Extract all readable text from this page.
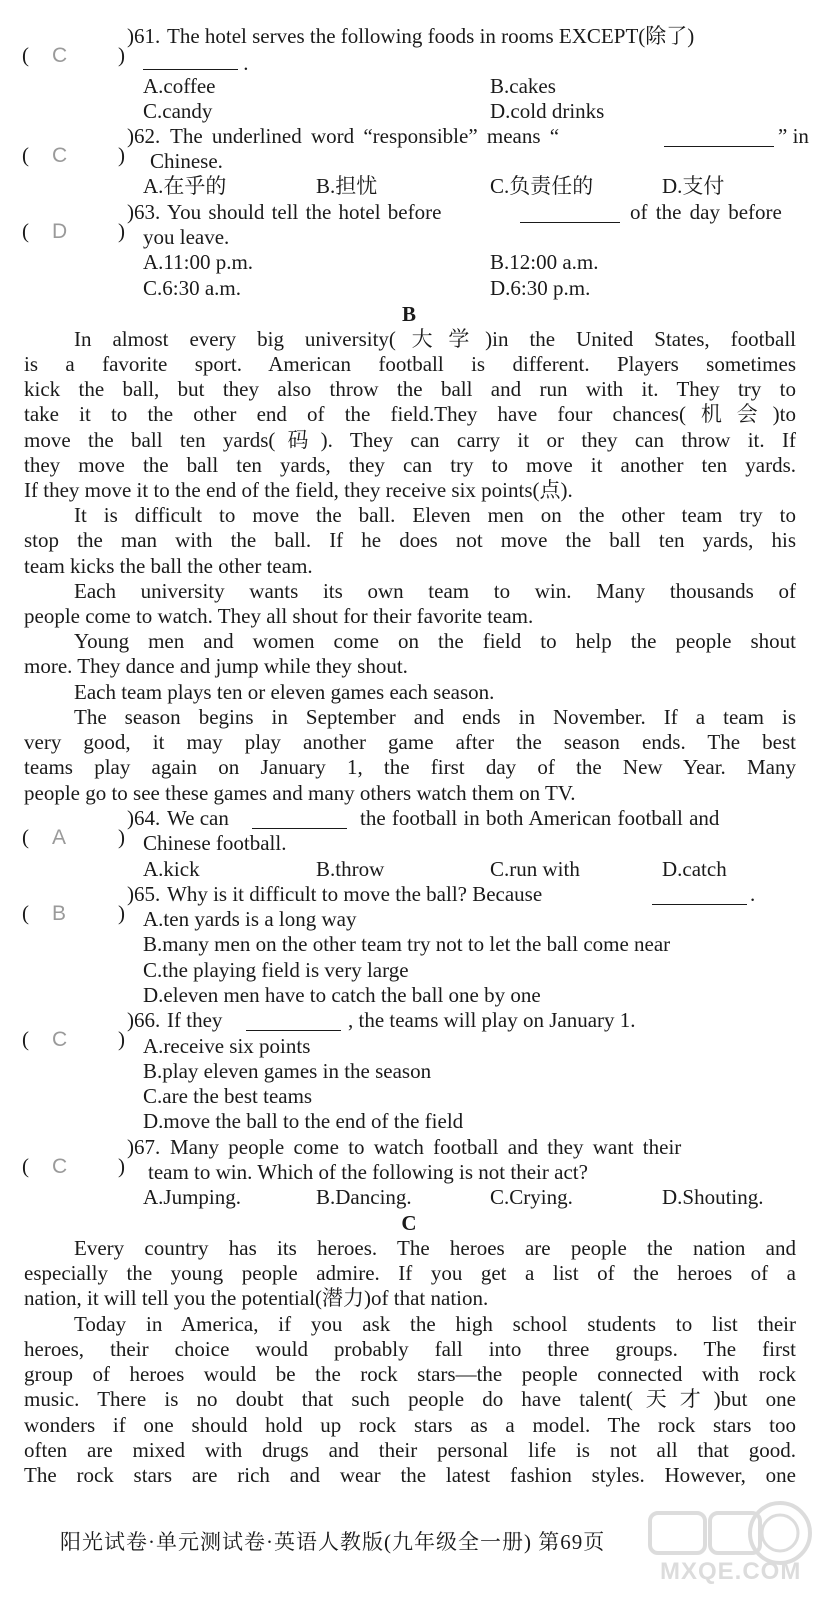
( C )
)61. The hotel serves the following foods in rooms EXCEPT(除了)
.
A.coffee	B.cakes
C.candy	D.cold drinks
( C )
)62. The underlined word “responsible” means “	” in
Chinese.
A.在乎的	B.担忧	C.负责任的	D.支付
( D )
)63. You should tell the hotel before	of the day before
you leave.
A.11:00 p.m.	B.12:00 a.m.
C.6:30 a.m.	D.6:30 p.m.
B
In almost every big university(大学)in the United States, football
is a favorite sport. American football is different. Players sometimes
kick the ball, but they also throw the ball and run with it. They try to
take it to the other end of the field.They have four chances(机会)to
move the ball ten yards(码). They can carry it or they can throw it. If
they move the ball ten yards, they can try to move it another ten yards.
If they move it to the end of the field, they receive six points(点).
It is difficult to move the ball. Eleven men on the other team try to
stop the man with the ball. If he does not move the ball ten yards, his
team kicks the ball the other team.
Each university wants its own team to win. Many thousands of
people come to watch. They all shout for their favorite team.
Young men and women come on the field to help the people shout
more. They dance and jump while they shout.
Each team plays ten or eleven games each season.
The season begins in September and ends in November. If a team is
very good, it may play another game after the season ends. The best
teams play again on January 1, the first day of the New Year. Many
people go to see these games and many others watch them on TV.
( A )
)64. We can	the football in both American football and
Chinese football.
A.kick	B.throw	C.run with	D.catch
( B )
)65. Why is it difficult to move the ball? Because	.
A.ten yards is a long way
B.many men on the other team try not to let the ball come near
C.the playing field is very large
D.eleven men have to catch the ball one by one
( C )
)66. If they	, the teams will play on January 1.
A.receive six points
B.play eleven games in the season
C.are the best teams
D.move the ball to the end of the field
( C )
)67. Many people come to watch football and they want their
team to win. Which of the following is not their act?
A.Jumping.	B.Dancing.	C.Crying.	D.Shouting.
C
Every country has its heroes. The heroes are people the nation and
especially the young people admire. If you get a list of the heroes of a
nation, it will tell you the potential(潜力)of that nation.
Today in America, if you ask the high school students to list their
heroes, their choice would probably fall into three groups. The first
group of heroes would be the rock stars—the people connected with rock
music. There is no doubt that such people do have talent(天才)but one
wonders if one should hold up rock stars as a model. The rock stars too
often are mixed with drugs and their personal life is not all that good.
The rock stars are rich and wear the latest fashion styles. However, one
阳光试卷·单元测试卷·英语人教版(九年级全一册) 第69页
MXQE.COM
